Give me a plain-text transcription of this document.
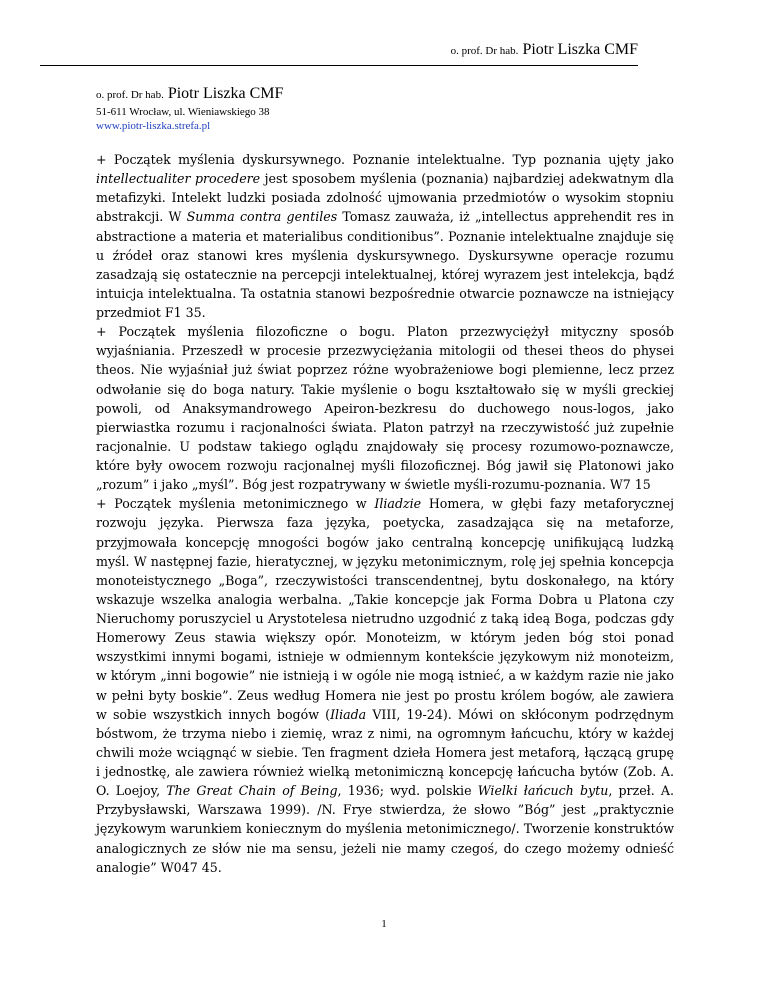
o. prof. Dr hab. Piotr Liszka CMF
o. prof. Dr hab. Piotr Liszka CMF
51-611 Wrocław, ul. Wieniawskiego 38
www.piotr-liszka.strefa.pl

+ Początek myślenia dyskursywnego. Poznanie intelektualne. Typ poznania ujęty jako intellectualiter procedere jest sposobem myślenia (poznania) najbardziej adekwatnym dla metafizyki. Intelekt ludzki posiada zdolność ujmowania przedmiotów o wysokim stopniu abstrakcji. W Summa contra gentiles Tomasz zauważa, iż „intellectus apprehendit res in abstractione a materia et materialibus conditionibus”. Poznanie intelektualne znajduje się u źródeł oraz stanowi kres myślenia dyskursywnego. Dyskursywne operacje rozumu zasadzają się ostatecznie na percepcji intelektualnej, której wyrazem jest intelekcja, bądź intuicja intelektualna. Ta ostatnia stanowi bezpośrednie otwarcie poznawcze na istniejący przedmiot F1 35.

+ Początek myślenia filozoficzne o bogu. Platon przezwyciężył mityczny sposób wyjaśniania. Przeszedł w procesie przezwyciężania mitologii od thesei theos do physei theos. Nie wyjaśniał już świat poprzez różne wyobrażeniowe bogi plemienne, lecz przez odwołanie się do boga natury. Takie myślenie o bogu kształtowało się w myśli greckiej powoli, od Anaksymandrowego Apeiron-bezkresu do duchowego nous-logos, jako pierwiastka rozumu i racjonalności świata. Platon patrzył na rzeczywistość już zupełnie racjonalnie. U podstaw takiego oglądu znajdowały się procesy rozumowo-poznawcze, które były owocem rozwoju racjonalnej myśli filozoficznej. Bóg jawił się Platonowi jako „rozum” i jako „myśl”. Bóg jest rozpatrywany w świetle myśli-rozumu-poznania. W7 15

+ Początek myślenia metonimicznego w Iliadzie Homera, w głębi fazy metaforycznej rozwoju języka. Pierwsza faza języka, poetycka, zasadzająca się na metaforze, przyjmowała koncepcję mnogości bogów jako centralną koncepcję unifikującą ludzką myśl. W następnej fazie, hieratycznej, w języku metonimicznym, rolę jej spełnia koncepcja monoteistycznego „Boga”, rzeczywistości transcendentnej, bytu doskonałego, na który wskazuje wszelka analogia werbalna. „Takie koncepcje jak Forma Dobra u Platona czy Nieruchomy poruszyciel u Arystotelesa nietrudno uzgodnić z taką ideą Boga, podczas gdy Homerowy Zeus stawia większy opór. Monoteizm, w którym jeden bóg stoi ponad wszystkimi innymi bogami, istnieje w odmiennym kontekście językowym niż monoteizm, w którym „inni bogowie” nie istnieją i w ogóle nie mogą istnieć, a w każdym razie nie jako w pełni byty boskie”. Zeus według Homera nie jest po prostu królem bogów, ale zawiera w sobie wszystkich innych bogów (Iliada VIII, 19-24). Mówi on skłóconym podrzędnym bóstwom, że trzyma niebo i ziemię, wraz z nimi, na ogromnym łańcuchu, który w każdej chwili może wciągnąć w siebie. Ten fragment dzieła Homera jest metaforą, łączącą grupę i jednostkę, ale zawiera również wielką metonimiczną koncepcję łańcucha bytów (Zob. A. O. Loejoy, The Great Chain of Being, 1936; wyd. polskie Wielki łańcuch bytu, przeł. A. Przybysławski, Warszawa 1999). /N. Frye stwierdza, że słowo ”Bóg” jest „praktycznie językowym warunkiem koniecznym do myślenia metonimicznego/. Tworzenie konstruktów analogicznych ze słów nie ma sensu, jeżeli nie mamy czegoś, do czego możemy odnieść analogie” W047 45.

1
